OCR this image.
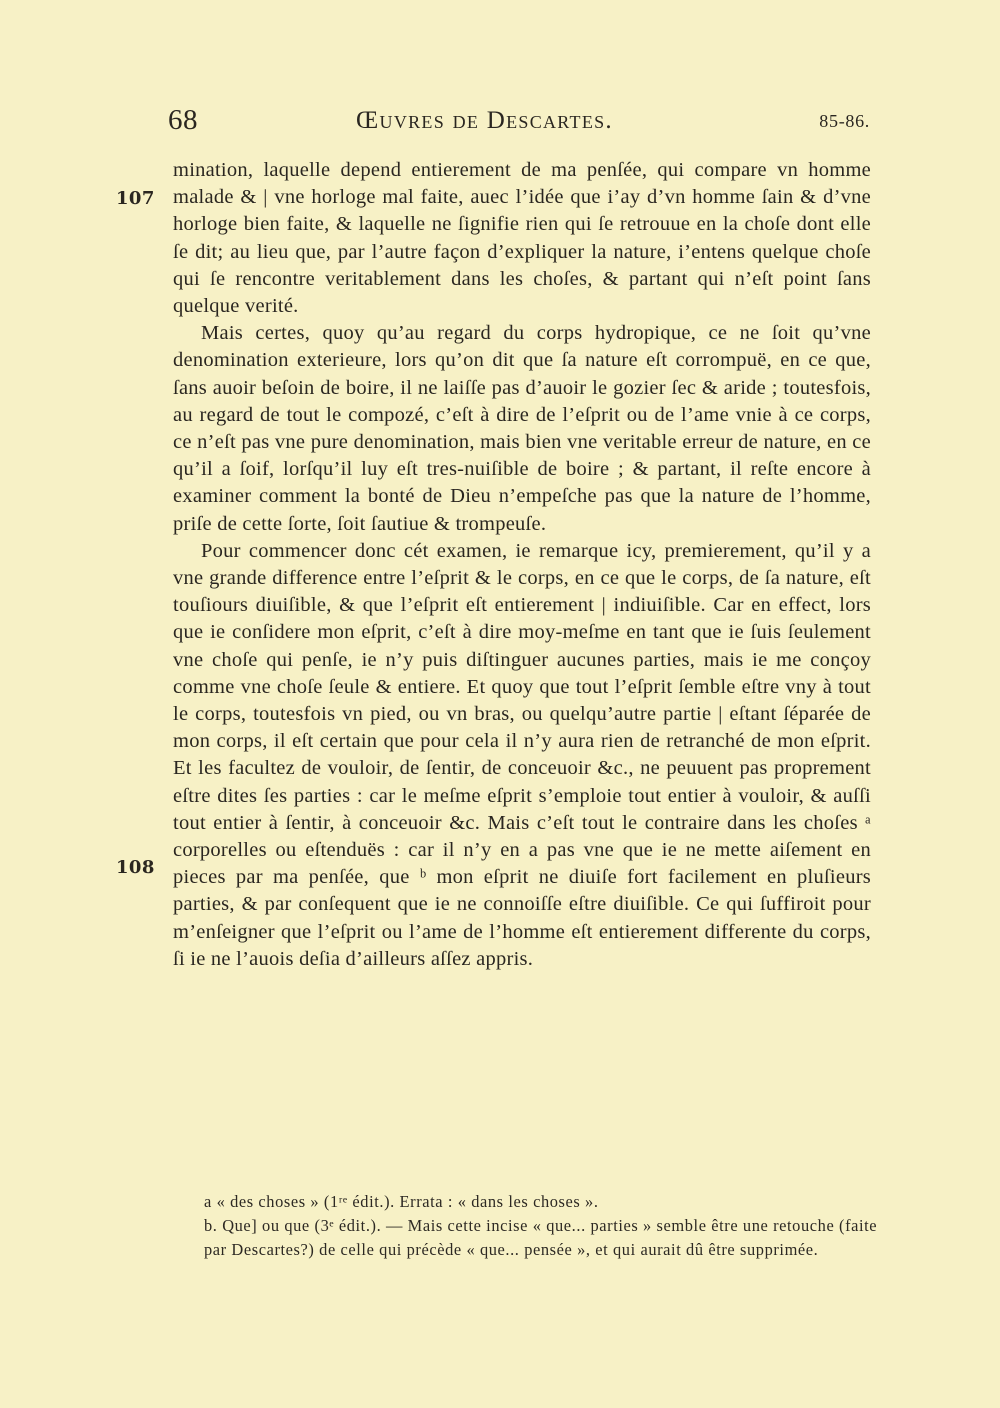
68	Œuvres de Descartes.	85-86.
107
108

mination, laquelle depend entierement de ma penſée, qui compare vn homme malade & | vne horloge mal faite, auec l’idée que i’ay d’vn homme ſain & d’vne horloge bien faite, & laquelle ne ſignifie rien qui ſe retrouue en la choſe dont elle ſe dit; au lieu que, par l’autre façon d’expliquer la nature, i’entens quelque choſe qui ſe rencontre veritablement dans les choſes, & partant qui n’eſt point ſans quelque verité.

Mais certes, quoy qu’au regard du corps hydropique, ce ne ſoit qu’vne denomination exterieure, lors qu’on dit que ſa nature eſt corrompuë, en ce que, ſans auoir beſoin de boire, il ne laiſſe pas d’auoir le gozier ſec & aride ; toutesfois, au regard de tout le compozé, c’eſt à dire de l’eſprit ou de l’ame vnie à ce corps, ce n’eſt pas vne pure denomination, mais bien vne veritable erreur de nature, en ce qu’il a ſoif, lorſqu’il luy eſt tres-nuiſible de boire ; & partant, il reſte encore à examiner comment la bonté de Dieu n’empeſche pas que la nature de l’homme, priſe de cette ſorte, ſoit ſautiue & trompeuſe.

Pour commencer donc cét examen, ie remarque icy, premierement, qu’il y a vne grande difference entre l’eſprit & le corps, en ce que le corps, de ſa nature, eſt touſiours diuiſible, & que l’eſprit eſt entierement | indiuiſible. Car en effect, lors que ie conſidere mon eſprit, c’eſt à dire moy-meſme en tant que ie ſuis ſeulement vne choſe qui penſe, ie n’y puis diſtinguer aucunes parties, mais ie me conçoy comme vne choſe ſeule & entiere. Et quoy que tout l’eſprit ſemble eſtre vny à tout le corps, toutesfois vn pied, ou vn bras, ou quelqu’autre partie | eſtant ſéparée de mon corps, il eſt certain que pour cela il n’y aura rien de retranché de mon eſprit. Et les facultez de vouloir, de ſentir, de conceuoir &c., ne peuuent pas proprement eſtre dites ſes parties : car le meſme eſprit s’emploie tout entier à vouloir, & auſſi tout entier à ſentir, à conceuoir &c. Mais c’eſt tout le contraire dans les choſes ᵃ corporelles ou eſtenduës : car il n’y en a pas vne que ie ne mette aiſement en pieces par ma penſée, que ᵇ mon eſprit ne diuiſe fort facilement en pluſieurs parties, & par conſequent que ie ne connoiſſe eſtre diuiſible. Ce qui ſuffiroit pour m’enſeigner que l’eſprit ou l’ame de l’homme eſt entierement differente du corps, ſi ie ne l’auois deſia d’ailleurs aſſez appris.

a « des choses » (1ʳᵉ édit.). Errata : « dans les choses ».

b. Que] ou que (3ᵉ édit.). — Mais cette incise « que... parties » semble être une retouche (faite par Descartes?) de celle qui précède « que... pensée », et qui aurait dû être supprimée.
